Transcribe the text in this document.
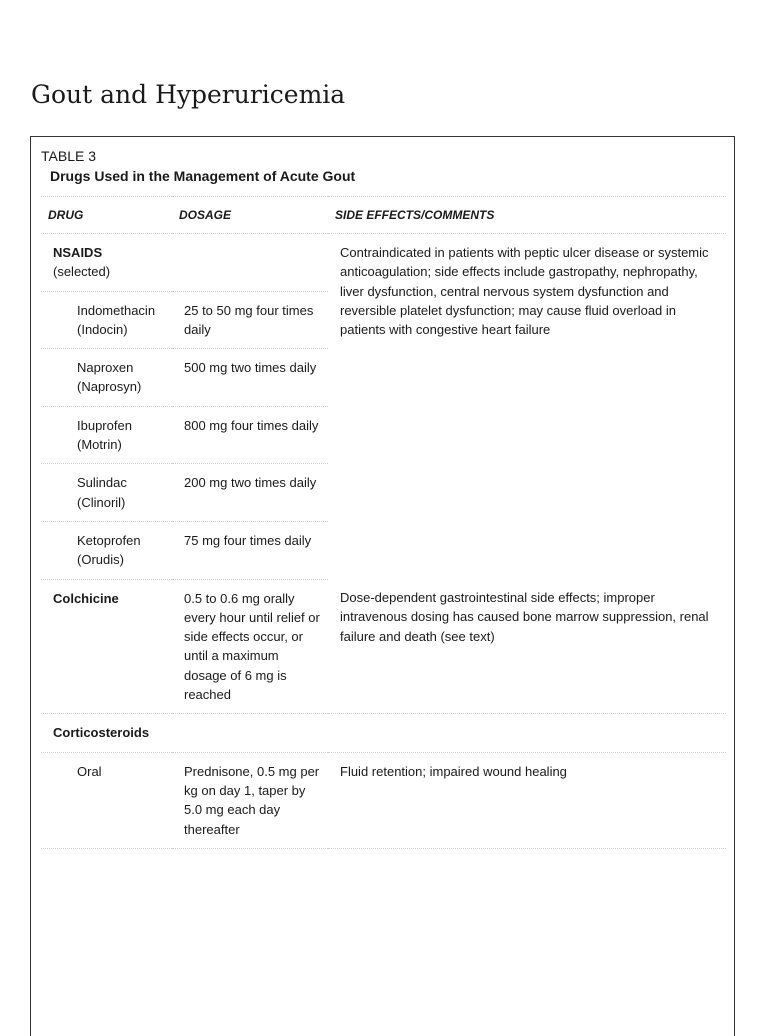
Gout and Hyperuricemia
TABLE 3
Drugs Used in the Management of Acute Gout
DRUG	DOSAGE	SIDE EFFECTS/COMMENTS

NSAIDS
(selected)		Contraindicated in patients with peptic ulcer disease or systemic anticoagulation; side effects include gastropathy, nephropathy, liver dysfunction, central nervous system dysfunction and reversible platelet dysfunction; may cause fluid overload in patients with congestive heart failure
Indomethacin (Indocin)	25 to 50 mg four times daily	
Naproxen (Naprosyn)	500 mg two times daily	
Ibuprofen (Motrin)	800 mg four times daily	
Sulindac (Clinoril)	200 mg two times daily	
Ketoprofen (Orudis)	75 mg four times daily	
Colchicine	0.5 to 0.6 mg orally every hour until relief or side effects occur, or until a maximum dosage of 6 mg is reached	Dose-dependent gastrointestinal side effects; improper intravenous dosing has caused bone marrow suppression, renal failure and death (see text)
Corticosteroids		
Oral	Prednisone, 0.5 mg per kg on day 1, taper by 5.0 mg each day thereafter	Fluid retention; impaired wound healing
